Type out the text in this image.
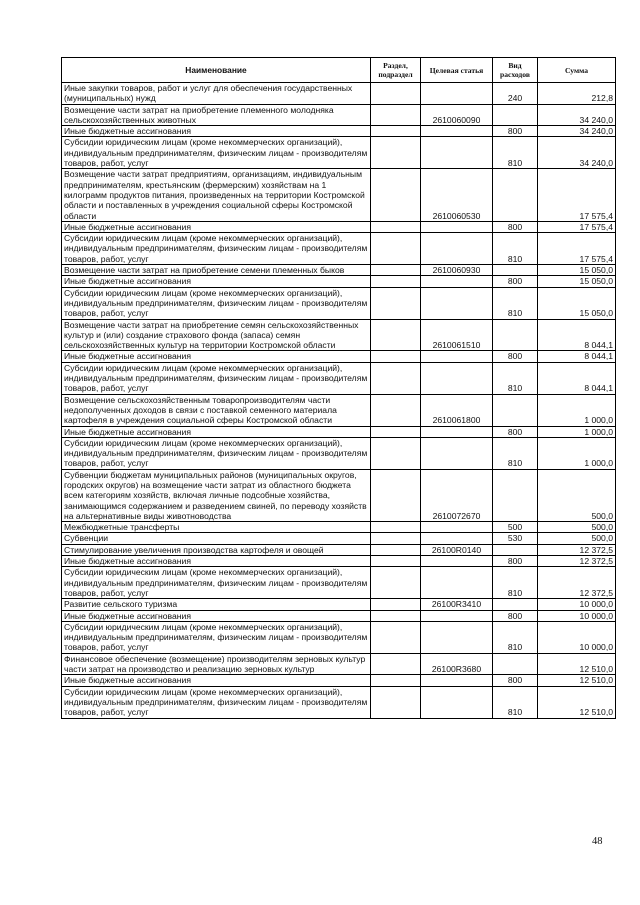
Наименование	Раздел, подраздел	Целевая статья	Вид расходов	Сумма
Иные закупки товаров, работ и услуг для обеспечения государственных (муниципальных) нужд			240	212,8
Возмещение части затрат на приобретение племенного молодняка сельскохозяйственных животных		2610060090		34 240,0
Иные бюджетные ассигнования			800	34 240,0
Субсидии юридическим лицам (кроме некоммерческих организаций), индивидуальным предпринимателям, физическим лицам - производителям товаров, работ, услуг			810	34 240,0
Возмещение части затрат предприятиям, организациям, индивидуальным предпринимателям, крестьянским (фермерским) хозяйствам на 1 килограмм продуктов питания, произведенных на территории Костромской области и поставленных в учреждения социальной сферы Костромской области		2610060530		17 575,4
Иные бюджетные ассигнования			800	17 575,4
Субсидии юридическим лицам (кроме некоммерческих организаций), индивидуальным предпринимателям, физическим лицам - производителям товаров, работ, услуг			810	17 575,4
Возмещение части затрат на приобретение семени племенных быков		2610060930		15 050,0
Иные бюджетные ассигнования			800	15 050,0
Субсидии юридическим лицам (кроме некоммерческих организаций), индивидуальным предпринимателям, физическим лицам - производителям товаров, работ, услуг			810	15 050,0
Возмещение части затрат на приобретение семян сельскохозяйственных культур и (или) создание страхового фонда (запаса) семян сельскохозяйственных культур на территории Костромской области		2610061510		8 044,1
Иные бюджетные ассигнования			800	8 044,1
Субсидии юридическим лицам (кроме некоммерческих организаций), индивидуальным предпринимателям, физическим лицам - производителям товаров, работ, услуг			810	8 044,1
Возмещение сельскохозяйственным товаропроизводителям части недополученных доходов в связи с поставкой семенного материала картофеля в учреждения социальной сферы Костромской области		2610061800		1 000,0
Иные бюджетные ассигнования			800	1 000,0
Субсидии юридическим лицам (кроме некоммерческих организаций), индивидуальным предпринимателям, физическим лицам - производителям товаров, работ, услуг			810	1 000,0
Субвенции бюджетам муниципальных районов (муниципальных округов, городских округов) на возмещение части затрат из областного бюджета всем категориям хозяйств, включая личные подсобные хозяйства, занимающимся содержанием и разведением свиней, по переводу хозяйств на альтернативные виды животноводства		2610072670		500,0
Межбюджетные трансферты			500	500,0
Субвенции			530	500,0
Стимулирование увеличения производства картофеля и овощей		26100R0140		12 372,5
Иные бюджетные ассигнования			800	12 372,5
Субсидии юридическим лицам (кроме некоммерческих организаций), индивидуальным предпринимателям, физическим лицам - производителям товаров, работ, услуг			810	12 372,5
Развитие сельского туризма		26100R3410		10 000,0
Иные бюджетные ассигнования			800	10 000,0
Субсидии юридическим лицам (кроме некоммерческих организаций), индивидуальным предпринимателям, физическим лицам - производителям товаров, работ, услуг			810	10 000,0
Финансовое обеспечение (возмещение) производителям зерновых культур части затрат на производство и реализацию зерновых культур		26100R3680		12 510,0
Иные бюджетные ассигнования			800	12 510,0
Субсидии юридическим лицам (кроме некоммерческих организаций), индивидуальным предпринимателям, физическим лицам - производителям товаров, работ, услуг			810	12 510,0
48
